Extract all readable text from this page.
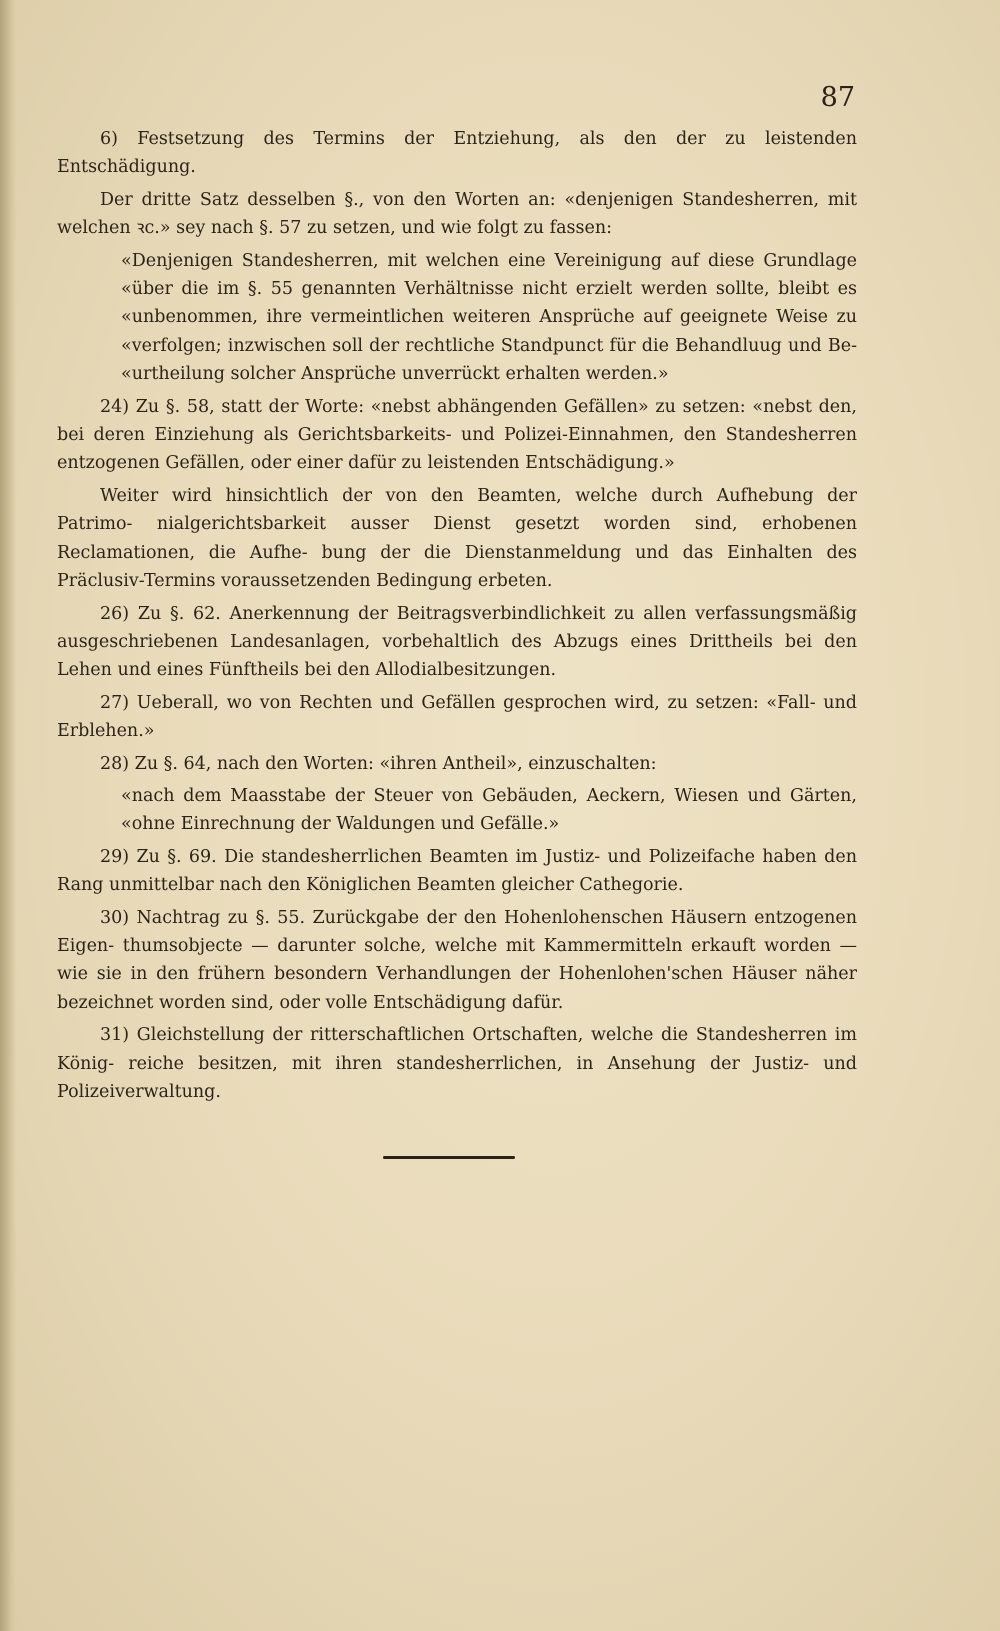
87

6) Festsetzung des Termins der Entziehung, als den der zu leistenden Entschädigung.

Der dritte Satz desselben §., von den Worten an: «denjenigen Standesherren, mit welchen ꝛc.» sey nach §. 57 zu setzen, und wie folgt zu fassen:

«Denjenigen Standesherren, mit welchen eine Vereinigung auf diese Grundlage «über die im §. 55 genannten Verhältnisse nicht erzielt werden sollte, bleibt es «unbenommen, ihre vermeintlichen weiteren Ansprüche auf geeignete Weise zu «verfolgen; inzwischen soll der rechtliche Standpunct für die Behandluug und Be- «urtheilung solcher Ansprüche unverrückt erhalten werden.»

24) Zu §. 58, statt der Worte: «nebst abhängenden Gefällen» zu setzen: «nebst den, bei deren Einziehung als Gerichtsbarkeits- und Polizei-Einnahmen, den Standesherren entzogenen Gefällen, oder einer dafür zu leistenden Entschädigung.»

Weiter wird hinsichtlich der von den Beamten, welche durch Aufhebung der Patrimo- nialgerichtsbarkeit ausser Dienst gesetzt worden sind, erhobenen Reclamationen, die Aufhe- bung der die Dienstanmeldung und das Einhalten des Präclusiv-Termins voraussetzenden Bedingung erbeten.

26) Zu §. 62. Anerkennung der Beitragsverbindlichkeit zu allen verfassungsmäßig ausgeschriebenen Landesanlagen, vorbehaltlich des Abzugs eines Drittheils bei den Lehen und eines Fünftheils bei den Allodialbesitzungen.

27) Ueberall, wo von Rechten und Gefällen gesprochen wird, zu setzen: «Fall- und Erblehen.»

28) Zu §. 64, nach den Worten: «ihren Antheil», einzuschalten:

«nach dem Maasstabe der Steuer von Gebäuden, Aeckern, Wiesen und Gärten, «ohne Einrechnung der Waldungen und Gefälle.»

29) Zu §. 69. Die standesherrlichen Beamten im Justiz- und Polizeifache haben den Rang unmittelbar nach den Königlichen Beamten gleicher Cathegorie.

30) Nachtrag zu §. 55. Zurückgabe der den Hohenlohenschen Häusern entzogenen Eigen- thumsobjecte — darunter solche, welche mit Kammermitteln erkauft worden — wie sie in den frühern besondern Verhandlungen der Hohenlohen'schen Häuser näher bezeichnet worden sind, oder volle Entschädigung dafür.

31) Gleichstellung der ritterschaftlichen Ortschaften, welche die Standesherren im König- reiche besitzen, mit ihren standesherrlichen, in Ansehung der Justiz- und Polizeiverwaltung.
